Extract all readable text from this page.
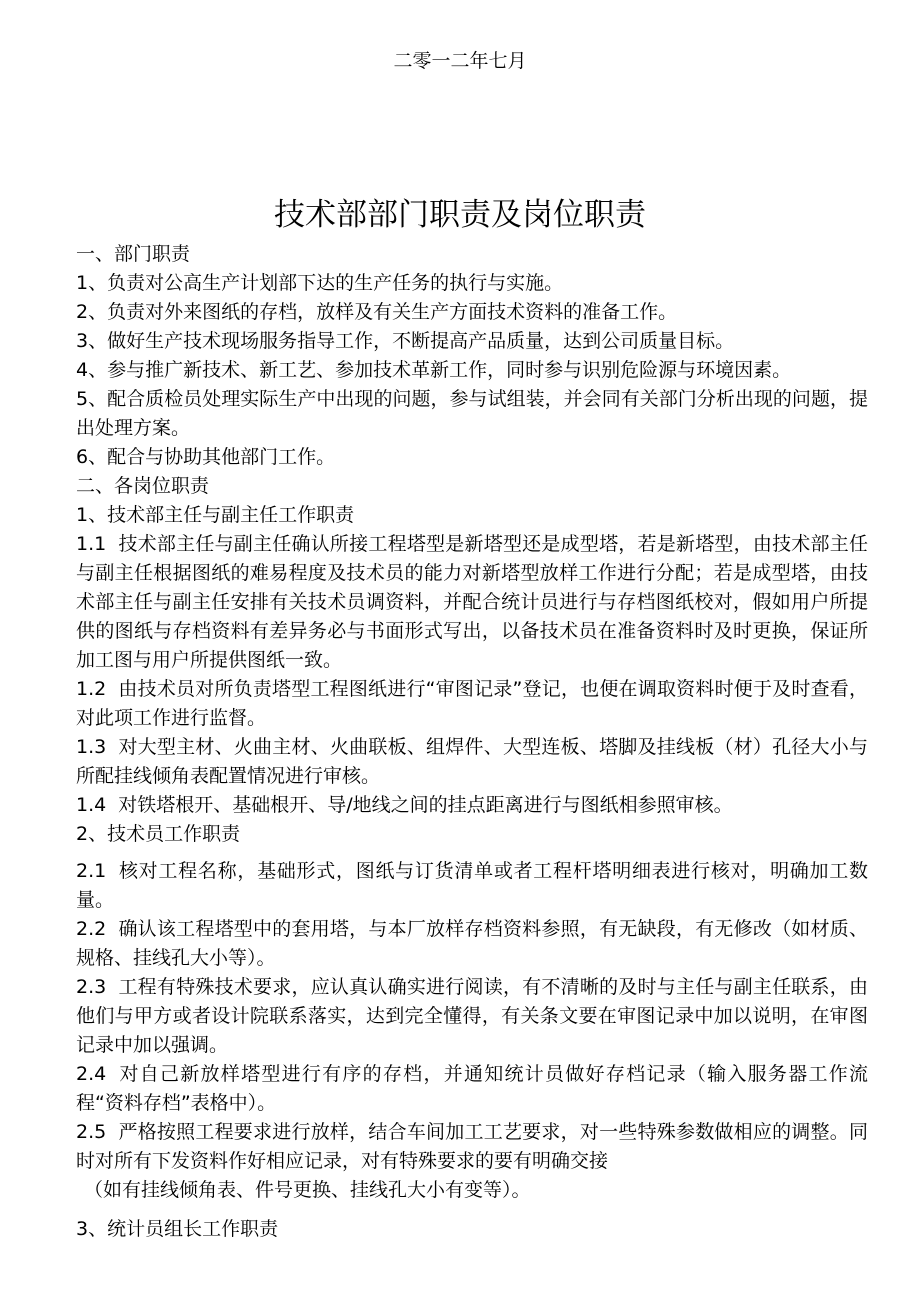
二零一二年七月
技术部部门职责及岗位职责

一、部门职责

1、负责对公高生产计划部下达的生产任务的执行与实施。

2、负责对外来图纸的存档，放样及有关生产方面技术资料的准备工作。

3、做好生产技术现场服务指导工作，不断提高产品质量，达到公司质量目标。

4、参与推广新技术、新工艺、参加技术革新工作，同时参与识别危险源与环境因素。

5、配合质检员处理实际生产中出现的问题，参与试组装，并会同有关部门分析出现的问题，提出处理方案。

6、配合与协助其他部门工作。

二、各岗位职责

1、技术部主任与副主任工作职责

1.1 技术部主任与副主任确认所接工程塔型是新塔型还是成型塔，若是新塔型，由技术部主任与副主任根据图纸的难易程度及技术员的能力对新塔型放样工作进行分配；若是成型塔，由技术部主任与副主任安排有关技术员调资料，并配合统计员进行与存档图纸校对，假如用户所提供的图纸与存档资料有差异务必与书面形式写出，以备技术员在准备资料时及时更换，保证所加工图与用户所提供图纸一致。

1.2 由技术员对所负责塔型工程图纸进行“审图记录”登记，也便在调取资料时便于及时查看，对此项工作进行监督。

1.3 对大型主材、火曲主材、火曲联板、组焊件、大型连板、塔脚及挂线板（材）孔径大小与所配挂线倾角表配置情况进行审核。

1.4 对铁塔根开、基础根开、导/地线之间的挂点距离进行与图纸相参照审核。

2、技术员工作职责

2.1 核对工程名称，基础形式，图纸与订货清单或者工程杆塔明细表进行核对，明确加工数量。

2.2 确认该工程塔型中的套用塔，与本厂放样存档资料参照，有无缺段，有无修改（如材质、规格、挂线孔大小等）。

2.3 工程有特殊技术要求，应认真认确实进行阅读，有不清晰的及时与主任与副主任联系，由他们与甲方或者设计院联系落实，达到完全懂得，有关条文要在审图记录中加以说明，在审图记录中加以强调。

2.4 对自己新放样塔型进行有序的存档，并通知统计员做好存档记录（输入服务器工作流程“资料存档”表格中）。

2.5 严格按照工程要求进行放样，结合车间加工工艺要求，对一些特殊参数做相应的调整。同时对所有下发资料作好相应记录，对有特殊要求的要有明确交接

（如有挂线倾角表、件号更换、挂线孔大小有变等）。

3、统计员组长工作职责
